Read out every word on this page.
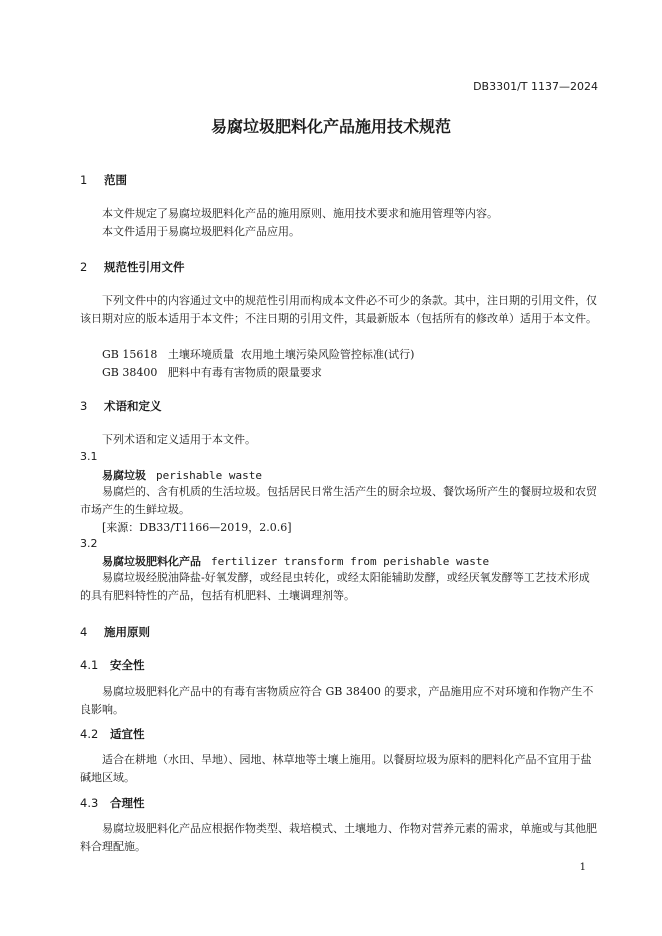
DB3301/T 1137—2024
易腐垃圾肥料化产品施用技术规范
1 范围
本文件规定了易腐垃圾肥料化产品的施用原则、施用技术要求和施用管理等内容。
本文件适用于易腐垃圾肥料化产品应用。
2 规范性引用文件
下列文件中的内容通过文中的规范性引用而构成本文件必不可少的条款。其中，注日期的引用文件，仅该日期对应的版本适用于本文件；不注日期的引用文件，其最新版本（包括所有的修改单）适用于本文件。
GB 15618   土壤环境质量  农用地土壤污染风险管控标准(试行)
GB 38400   肥料中有毒有害物质的限量要求
3 术语和定义
下列术语和定义适用于本文件。
3.1
易腐垃圾 perishable waste
易腐烂的、含有机质的生活垃圾。包括居民日常生活产生的厨余垃圾、餐饮场所产生的餐厨垃圾和农贸市场产生的生鲜垃圾。
[来源：DB33/T1166—2019，2.0.6]
3.2
易腐垃圾肥料化产品 fertilizer transform from perishable waste
易腐垃圾经脱油降盐-好氧发酵，或经昆虫转化，或经太阳能辅助发酵，或经厌氧发酵等工艺技术形成的具有肥料特性的产品，包括有机肥料、土壤调理剂等。
4 施用原则
4.1 安全性
易腐垃圾肥料化产品中的有毒有害物质应符合 GB 38400 的要求，产品施用应不对环境和作物产生不良影响。
4.2 适宜性
适合在耕地（水田、旱地）、园地、林草地等土壤上施用。以餐厨垃圾为原料的肥料化产品不宜用于盐碱地区域。
4.3 合理性
易腐垃圾肥料化产品应根据作物类型、栽培模式、土壤地力、作物对营养元素的需求，单施或与其他肥料合理配施。
1
